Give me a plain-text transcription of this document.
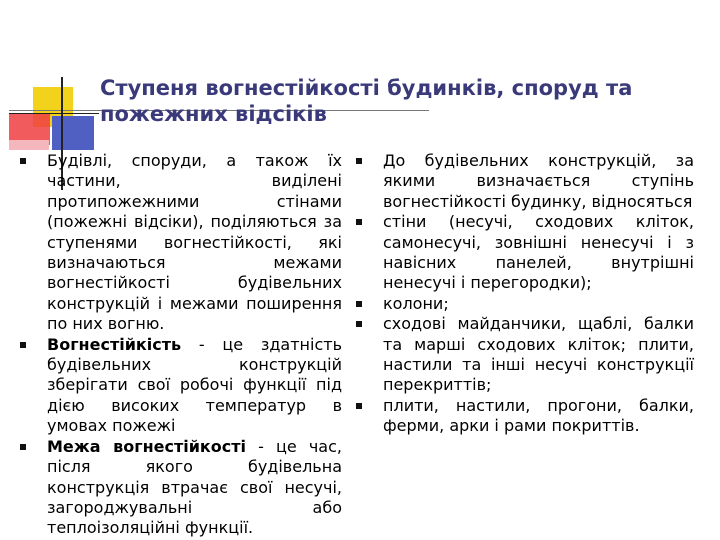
Ступеня вогнестійкості будинків, споруд та пожежних відсіків
Будівлі, споруди, а також їх частини, виділені протипожежними стінами (пожежні відсіки), поділяються за ступенями вогнестійкості, які визначаються межами вогнестійкості будівельних конструкцій і межами поширення по них вогню.
Вогнестійкість - це здатність будівельних конструкцій зберігати свої робочі функції під дією високих температур в умовах пожежі
Межа вогнестійкості - це час, після якого будівельна конструкція втрачає свої несучі, загороджувальні або теплоізоляційні функції.
До будівельних конструкцій, за якими визначається ступінь вогнестійкості будинку, відносяться
стіни (несучі, сходових кліток, самонесучі, зовнішні ненесучі і з навісних панелей, внутрішні ненесучі і перегородки);
колони;
сходові майданчики, щаблі, балки та марші сходових кліток; плити, настили та інші несучі конструкції перекриттів;
плити, настили, прогони, балки, ферми, арки і рами покриттів.
